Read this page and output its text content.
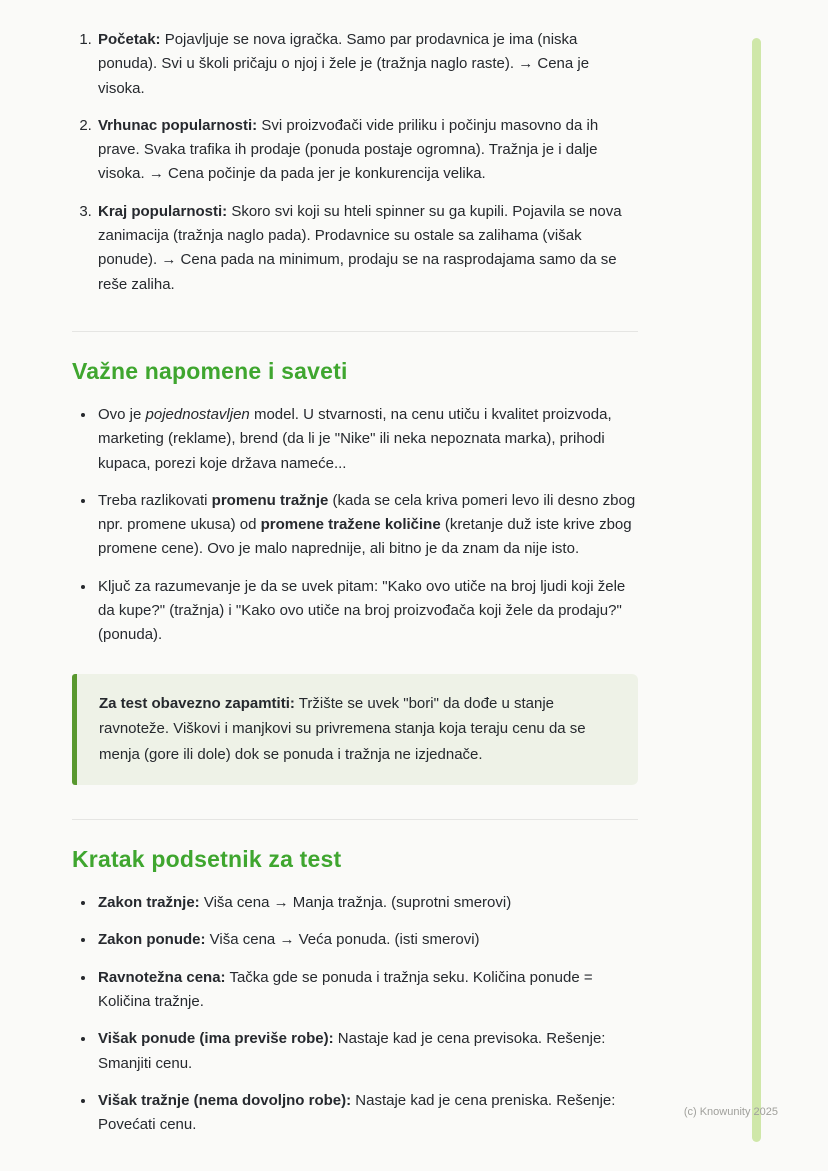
1. Početak: Pojavljuje se nova igračka. Samo par prodavnica je ima (niska ponuda). Svi u školi pričaju o njoj i žele je (tražnja naglo raste). → Cena je visoka.
2. Vrhunac popularnosti: Svi proizvođači vide priliku i počinju masovno da ih prave. Svaka trafika ih prodaje (ponuda postaje ogromna). Tražnja je i dalje visoka. → Cena počinje da pada jer je konkurencija velika.
3. Kraj popularnosti: Skoro svi koji su hteli spinner su ga kupili. Pojavila se nova zanimacija (tražnja naglo pada). Prodavnice su ostale sa zalihama (višak ponude). → Cena pada na minimum, prodaju se na rasprodajama samo da se reše zaliha.
Važne napomene i saveti
• Ovo je pojednostavljen model. U stvarnosti, na cenu utiču i kvalitet proizvoda, marketing (reklame), brend (da li je "Nike" ili neka nepoznata marka), prihodi kupaca, porezi koje država nameće...
• Treba razlikovati promenu tražnje (kada se cela kriva pomeri levo ili desno zbog npr. promene ukusa) od promene tražene količine (kretanje duž iste krive zbog promene cene). Ovo je malo naprednije, ali bitno je da znam da nije isto.
• Ključ za razumevanje je da se uvek pitam: "Kako ovo utiče na broj ljudi koji žele da kupe?" (tražnja) i "Kako ovo utiče na broj proizvođača koji žele da prodaju?" (ponuda).

Za test obavezno zapamtiti: Tržište se uvek "bori" da dođe u stanje ravnoteže. Viškovi i manjkovi su privremena stanja koja teraju cenu da se menja (gore ili dole) dok se ponuda i tražnja ne izjednače.

Kratak podsetnik za test
• Zakon tražnje: Viša cena → Manja tražnja. (suprotni smerovi)
• Zakon ponude: Viša cena → Veća ponuda. (isti smerovi)
• Ravnotežna cena: Tačka gde se ponuda i tražnja seku. Količina ponude = Količina tražnje.
• Višak ponude (ima previše robe): Nastaje kad je cena previsoka. Rešenje: Smanjiti cenu.
• Višak tražnje (nema dovoljno robe): Nastaje kad je cena preniska. Rešenje: Povećati cenu.
(c) Knowunity 2025
